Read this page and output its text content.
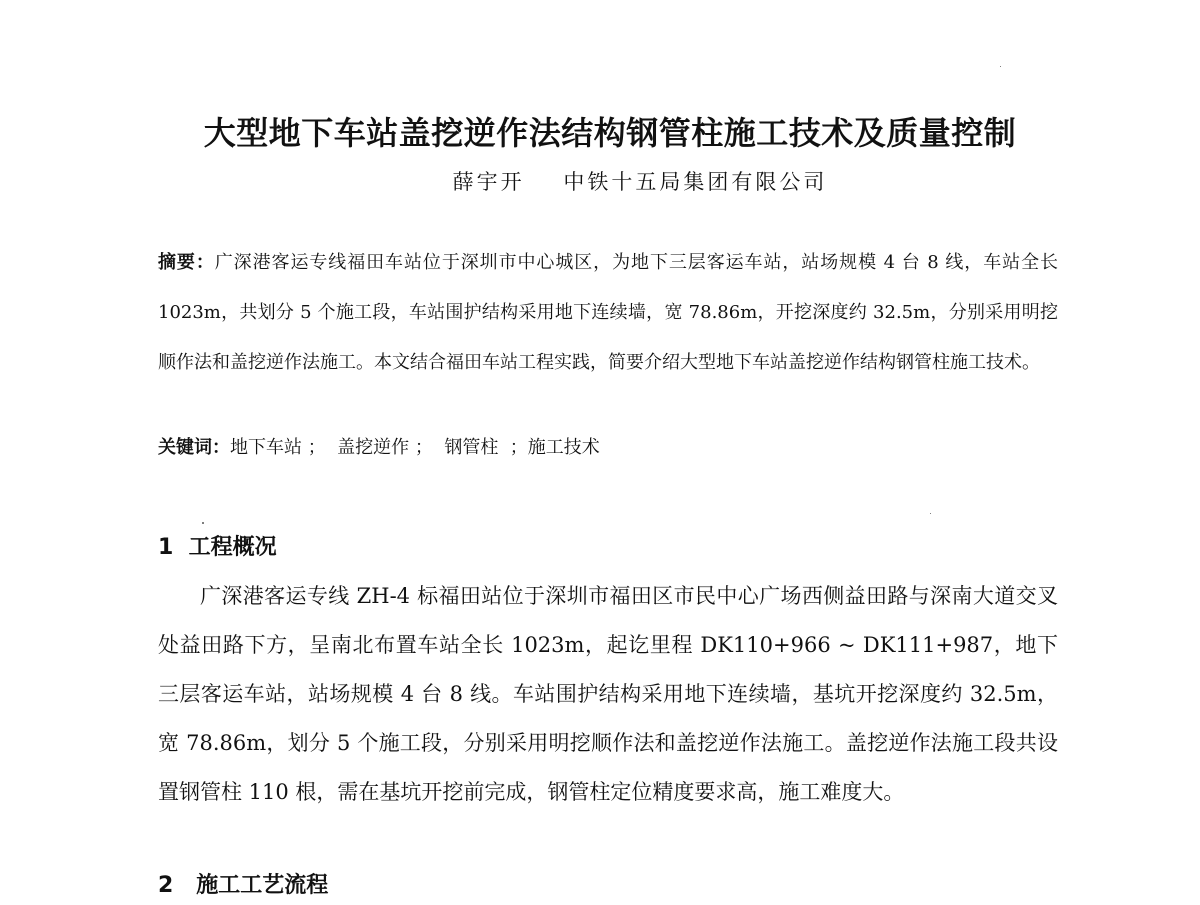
大型地下车站盖挖逆作法结构钢管柱施工技术及质量控制
薛宇开    中铁十五局集团有限公司

摘要：广深港客运专线福田车站位于深圳市中心城区，为地下三层客运车站，站场规模 4 台 8 线，车站全长 1023m，共划分 5 个施工段，车站围护结构采用地下连续墙，宽 78.86m，开挖深度约 32.5m，分别采用明挖顺作法和盖挖逆作法施工。本文结合福田车站工程实践，简要介绍大型地下车站盖挖逆作结构钢管柱施工技术。

关键词：地下车站 ；  盖挖逆作 ；  钢管柱  ；施工技术

1  工程概况

广深港客运专线 ZH-4 标福田站位于深圳市福田区市民中心广场西侧益田路与深南大道交叉处益田路下方，呈南北布置车站全长 1023m，起讫里程 DK110+966 ~ DK111+987，地下三层客运车站，站场规模 4 台 8 线。车站围护结构采用地下连续墙，基坑开挖深度约 32.5m，宽 78.86m，划分 5 个施工段，分别采用明挖顺作法和盖挖逆作法施工。盖挖逆作法施工段共设置钢管柱 110 根，需在基坑开挖前完成，钢管柱定位精度要求高，施工难度大。

2   施工工艺流程
